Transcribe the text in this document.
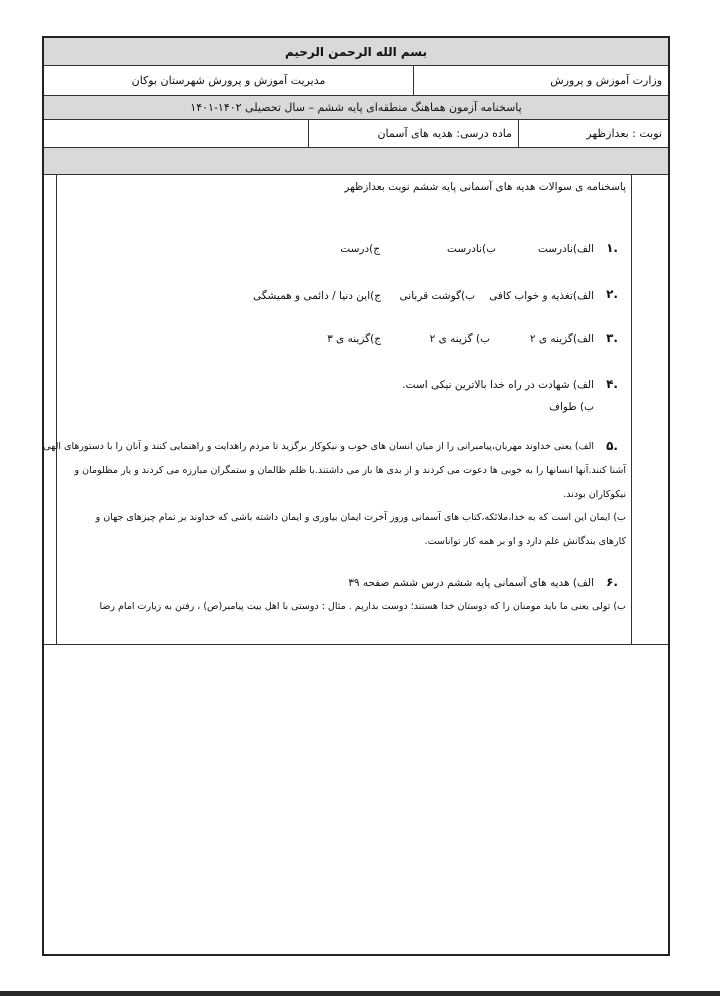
بسم الله الرحمن الرحیم
وزارت آموزش و پرورش
مدیریت آموزش و پرورش شهرستان بوکان
پاسخنامه آزمون هماهنگ منطقه‌ای پایه ششم – سال تحصیلی ۱۴۰۲-۱۴۰۱
نوبت : بعدازظهر
ماده درسی: هدیه های آسمان
پاسخنامه ی سوالات هدیه های آسمانی پایه ششم نوبت بعدازظهر
۱.
الف)نادرست
ب)نادرست
ج)درست
۲.
الف)تغذیه و خواب کافی
ب)گوشت قربانی
ج)این دنیا / دائمی و همیشگی
۳.
الف)گزینه ی ۲
ب) گزینه ی ۲
ج)گزینه ی ۳
۴.
الف) شهادت در راه خدا بالاترین نیکی است.
ب) طواف
۵.
الف) یعنی خداوند مهربان،پیامبرانی را از میان انسان های خوب و نیکوکار برگزید تا مردم راهدایت و راهنمایی کنند و آنان را با دستورهای الهی
آشنا کنند.آنها انسانها را به خوبی ها دعوت می کردند و از بدی ها باز می داشتند.با ظلم ظالمان و ستمگران مبارزه می کردند و یار مظلومان و
نیکوکاران بودند.
ب) ایمان این است که به خدا،ملائکه،کتاب های آسمانی وروز آخرت ایمان بیاوری و ایمان داشته باشی که خداوند بر تمام چیزهای جهان و
کارهای بندگانش علم دارد و او بر همه کار تواناست.
۶.
الف) هدیه های آسمانی پایه ششم درس ششم صفحه ۳۹
ب) تولی یعنی ما باید مومنان را که دوستان خدا هستند؛ دوست بداریم . مثال : دوستی با اهل بیت پیامبر(ص) ، رفتن به زیارت امام رضا
